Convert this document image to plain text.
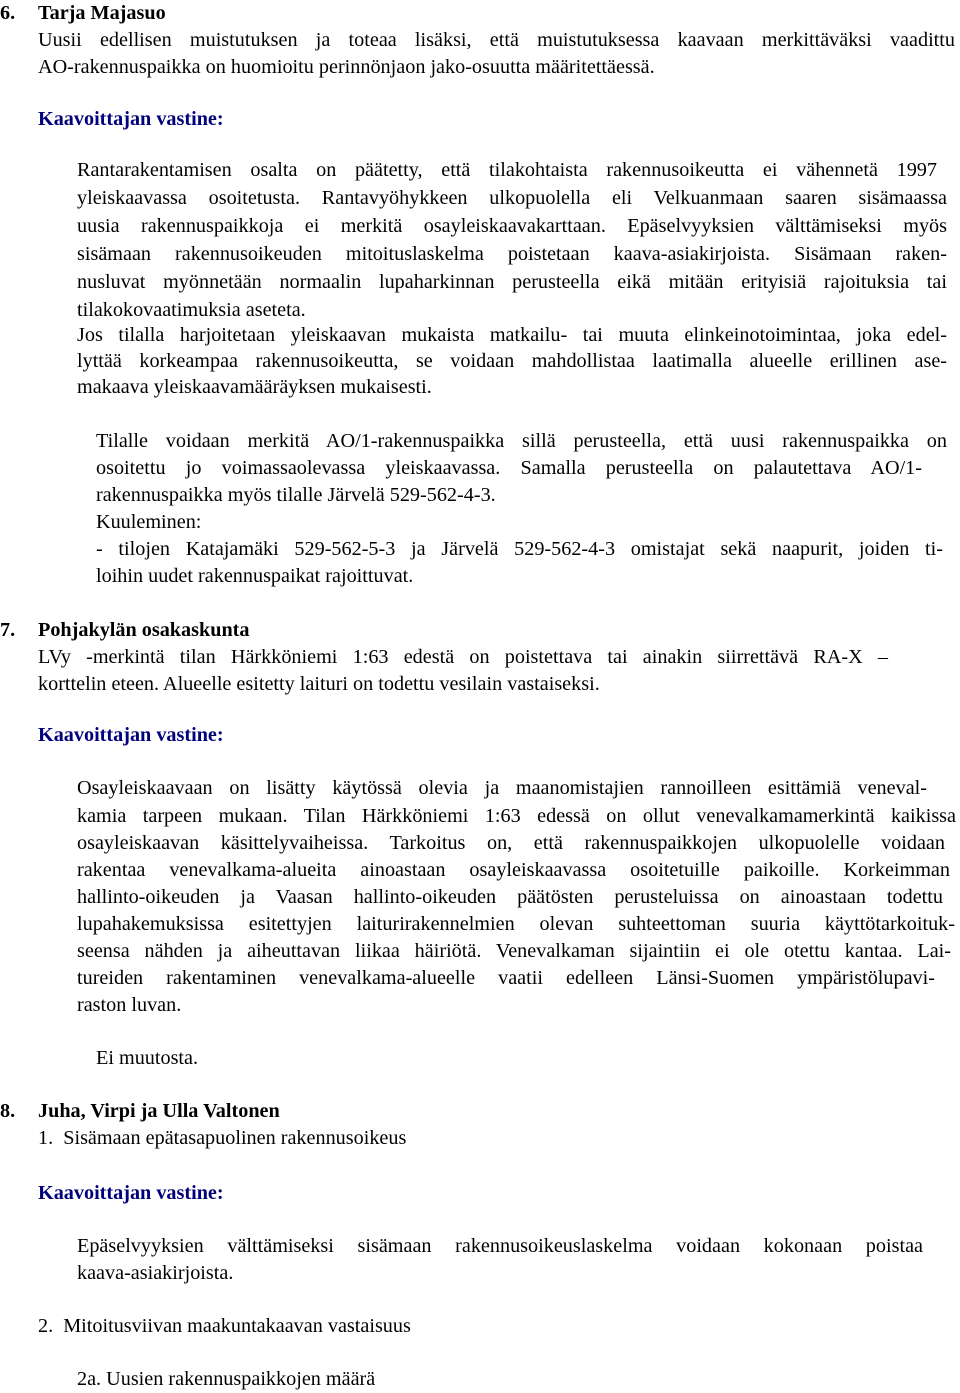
6. Tarja Majasuo
Uusii edellisen muistutuksen ja toteaa lisäksi, että muistutuksessa kaavaan merkittäväksi vaadittu
AO-rakennuspaikka on huomioitu perinnönjaon jako-osuutta määritettäessä.
Kaavoittajan vastine:
Rantarakentamisen osalta on päätetty, että tilakohtaista rakennusoikeutta ei vähennetä 1997
yleiskaavassa osoitetusta. Rantavyöhykkeen ulkopuolella eli Velkuanmaan saaren sisämaassa
uusia rakennuspaikkoja ei merkitä osayleiskaavakarttaan. Epäselvyyksien välttämiseksi myös
sisämaan rakennusoikeuden mitoituslaskelma poistetaan kaava-asiakirjoista. Sisämaan raken-
nusluvat myönnetään normaalin lupaharkinnan perusteella eikä mitään erityisiä rajoituksia tai
tilakokovaatimuksia aseteta.
Jos tilalla harjoitetaan yleiskaavan mukaista matkailu- tai muuta elinkeinotoimintaa, joka edel-
lyttää korkeampaa rakennusoikeutta, se voidaan mahdollistaa laatimalla alueelle erillinen ase-
makaava yleiskaavamääräyksen mukaisesti.
Tilalle voidaan merkitä AO/1-rakennuspaikka sillä perusteella, että uusi rakennuspaikka on
osoitettu jo voimassaolevassa yleiskaavassa. Samalla perusteella on palautettava AO/1-
rakennuspaikka myös tilalle Järvelä 529-562-4-3.
Kuuleminen:
- tilojen Katajamäki 529-562-5-3 ja Järvelä 529-562-4-3 omistajat sekä naapurit, joiden ti-
loihin uudet rakennuspaikat rajoittuvat.
7. Pohjakylän osakaskunta
LVy -merkintä tilan Härkköniemi 1:63 edestä on poistettava tai ainakin siirrettävä RA-X –
korttelin eteen. Alueelle esitetty laituri on todettu vesilain vastaiseksi.
Kaavoittajan vastine:
Osayleiskaavaan on lisätty käytössä olevia ja maanomistajien rannoilleen esittämiä veneval-
kamia tarpeen mukaan. Tilan Härkköniemi 1:63 edessä on ollut venevalkamamerkintä kaikissa
osayleiskaavan käsittelyvaiheissa. Tarkoitus on, että rakennuspaikkojen ulkopuolelle voidaan
rakentaa venevalkama-alueita ainoastaan osayleiskaavassa osoitetuille paikoille. Korkeimman
hallinto-oikeuden ja Vaasan hallinto-oikeuden päätösten perusteluissa on ainoastaan todettu
lupahakemuksissa esitettyjen laiturirakennelmien olevan suhteettoman suuria käyttötarkoituk-
seensa nähden ja aiheuttavan liikaa häiriötä. Venevalkaman sijaintiin ei ole otettu kantaa. Lai-
tureiden rakentaminen venevalkama-alueelle vaatii edelleen Länsi-Suomen ympäristölupavi-
raston luvan.
Ei muutosta.
8. Juha, Virpi ja Ulla Valtonen
1.  Sisämaan epätasapuolinen rakennusoikeus
Kaavoittajan vastine:
Epäselvyyksien välttämiseksi sisämaan rakennusoikeuslaskelma voidaan kokonaan poistaa
kaava-asiakirjoista.
2.  Mitoitusviivan maakuntakaavan vastaisuus
2a. Uusien rakennuspaikkojen määrä
